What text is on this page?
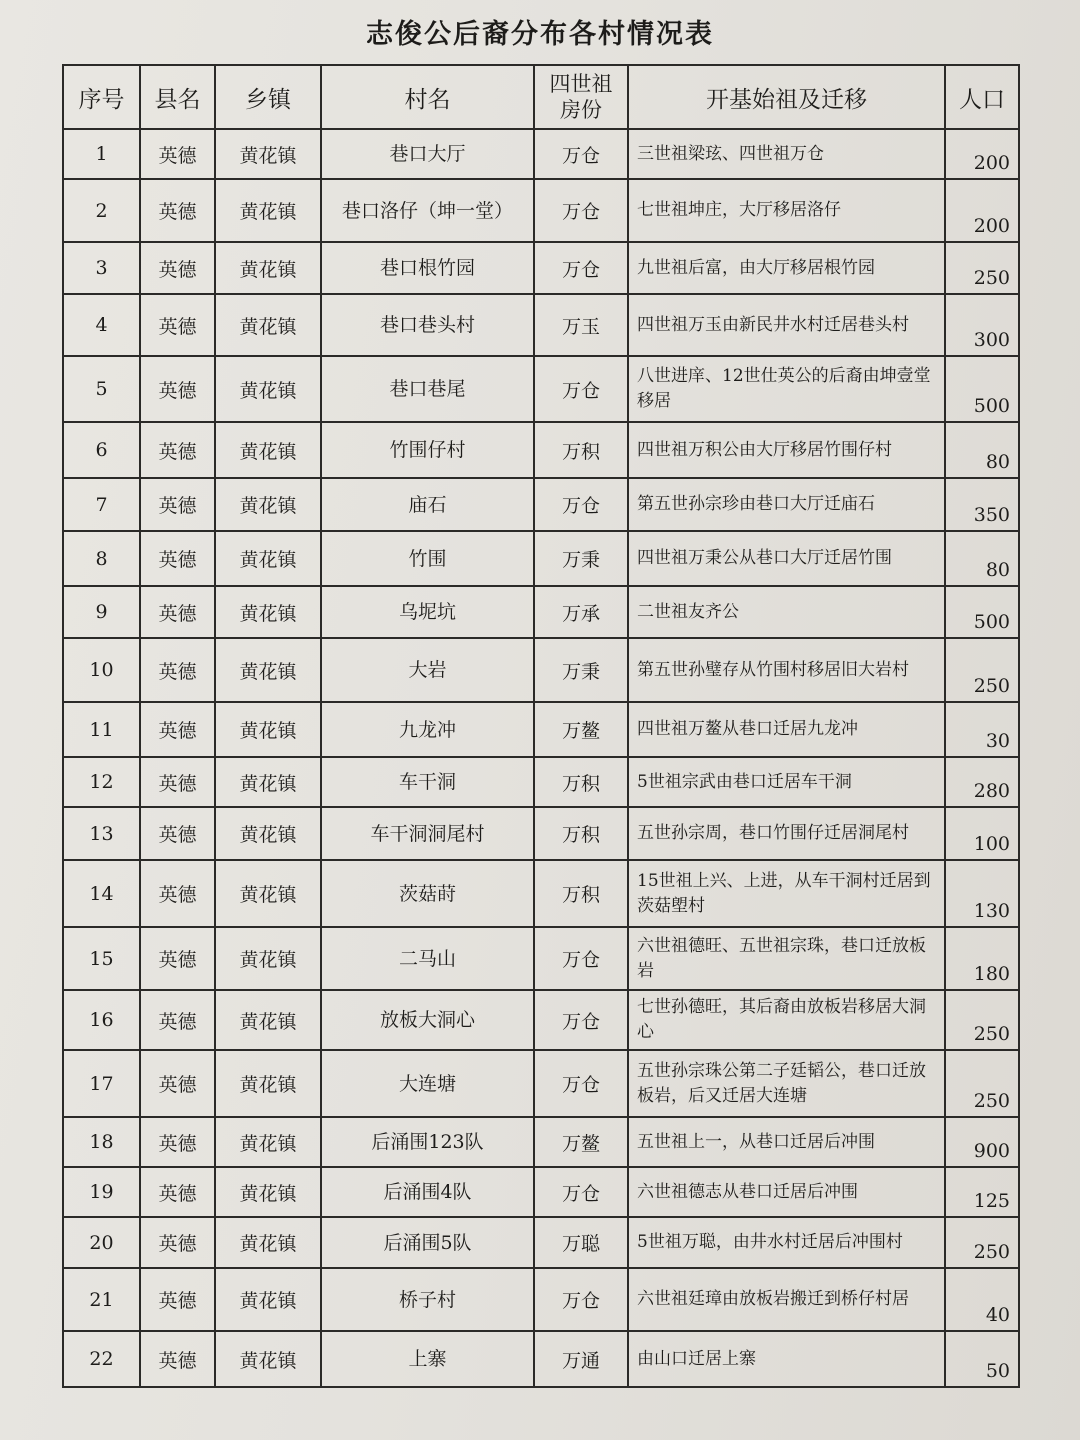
志俊公后裔分布各村情况表
序号	县名	乡镇	村名	四世祖
房份	开基始祖及迁移	人口
1	英德	黄花镇	巷口大厅	万仓	三世祖梁玹、四世祖万仓	200
2	英德	黄花镇	巷口洛仔（坤一堂）	万仓	七世祖坤庄，大厅移居洛仔	200
3	英德	黄花镇	巷口根竹园	万仓	九世祖后富，由大厅移居根竹园	250
4	英德	黄花镇	巷口巷头村	万玉	四世祖万玉由新民井水村迁居巷头村	300
5	英德	黄花镇	巷口巷尾	万仓	八世进庠、12世仕英公的后裔由坤壹堂移居	500
6	英德	黄花镇	竹围仔村	万积	四世祖万积公由大厅移居竹围仔村	80
7	英德	黄花镇	庙石	万仓	第五世孙宗珍由巷口大厅迁庙石	350
8	英德	黄花镇	竹围	万秉	四世祖万秉公从巷口大厅迁居竹围	80
9	英德	黄花镇	乌坭坑	万承	二世祖友齐公	500
10	英德	黄花镇	大岩	万秉	第五世孙璧存从竹围村移居旧大岩村	250
11	英德	黄花镇	九龙冲	万鳌	四世祖万鳌从巷口迁居九龙冲	30
12	英德	黄花镇	车干洞	万积	5世祖宗武由巷口迁居车干洞	280
13	英德	黄花镇	车干洞洞尾村	万积	五世孙宗周，巷口竹围仔迁居洞尾村	100
14	英德	黄花镇	茨菇莳	万积	15世祖上兴、上进，从车干洞村迁居到茨菇塱村	130
15	英德	黄花镇	二马山	万仓	六世祖德旺、五世祖宗珠，巷口迁放板岩	180
16	英德	黄花镇	放板大洞心	万仓	七世孙德旺，其后裔由放板岩移居大洞心	250
17	英德	黄花镇	大连塘	万仓	五世孙宗珠公第二子廷韬公，巷口迁放板岩，后又迁居大连塘	250
18	英德	黄花镇	后涌围123队	万鳌	五世祖上一，从巷口迁居后冲围	900
19	英德	黄花镇	后涌围4队	万仓	六世祖德志从巷口迁居后冲围	125
20	英德	黄花镇	后涌围5队	万聪	5世祖万聪，由井水村迁居后冲围村	250
21	英德	黄花镇	桥子村	万仓	六世祖廷璋由放板岩搬迁到桥仔村居	40
22	英德	黄花镇	上寨	万通	由山口迁居上寨	50
